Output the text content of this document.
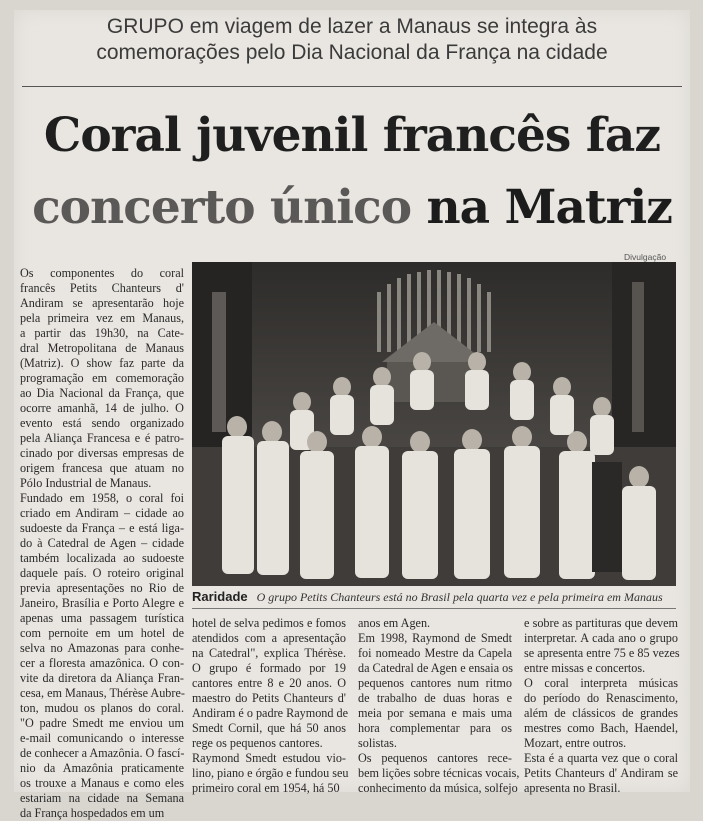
GRUPO em viagem de lazer a Manaus se integra às
comemorações pelo Dia Nacional da França na cidade
Coral juvenil francês faz
concerto único na Matriz
Divulgação
Raridade O grupo Petits Chanteurs está no Brasil pela quarta vez e pela primeira em Manaus
Os componentes do coral
francês Petits Chanteurs d'
Andiram se apresentarão hoje
pela primeira vez em Manaus,
a partir das 19h30, na Cate-
dral Metropolitana de Manaus
(Matriz). O show faz parte da
programação em comemoração
ao Dia Nacional da França, que
ocorre amanhã, 14 de julho. O
evento está sendo organizado
pela Aliança Francesa e é patro-
cinado por diversas empresas de
origem francesa que atuam no
Pólo Industrial de Manaus.
Fundado em 1958, o coral foi
criado em Andiram – cidade ao
sudoeste da França – e está liga-
do à Catedral de Agen – cidade
também localizada ao sudoeste
daquele país. O roteiro original
previa apresentações no Rio de
Janeiro, Brasília e Porto Alegre e
apenas uma passagem turística
com pernoite em um hotel de
selva no Amazonas para conhe-
cer a floresta amazônica. O con-
vite da diretora da Aliança Fran-
cesa, em Manaus, Thérèse Aubre-
ton, mudou os planos do coral.
"O padre Smedt me enviou um
e-mail comunicando o interesse
de conhecer a Amazônia. O fascí-
nio da Amazônia praticamente
os trouxe a Manaus e como eles
estariam na cidade na Semana
da França hospedados em um
hotel de selva pedimos e fomos
atendidos com a apresentação
na Catedral", explica Thérèse.
O grupo é formado por 19
cantores entre 8 e 20 anos. O
maestro do Petits Chanteurs d'
Andiram é o padre Raymond de
Smedt Cornil, que há 50 anos
rege os pequenos cantores.
Raymond Smedt estudou vio-
lino, piano e órgão e fundou seu
primeiro coral em 1954, há 50
anos em Agen.
Em 1998, Raymond de Smedt
foi nomeado Mestre da Capela
da Catedral de Agen e ensaia os
pequenos cantores num ritmo
de trabalho de duas horas e
meia por semana e mais uma
hora complementar para os
solistas.
Os pequenos cantores rece-
bem lições sobre técnicas vocais,
conhecimento da música, solfejo
e sobre as partituras que devem
interpretar. A cada ano o grupo
se apresenta entre 75 e 85 vezes
entre missas e concertos.
O coral interpreta músicas
do período do Renascimento,
além de clássicos de grandes
mestres como Bach, Haendel,
Mozart, entre outros.
Esta é a quarta vez que o coral
Petits Chanteurs d' Andiram se
apresenta no Brasil.
